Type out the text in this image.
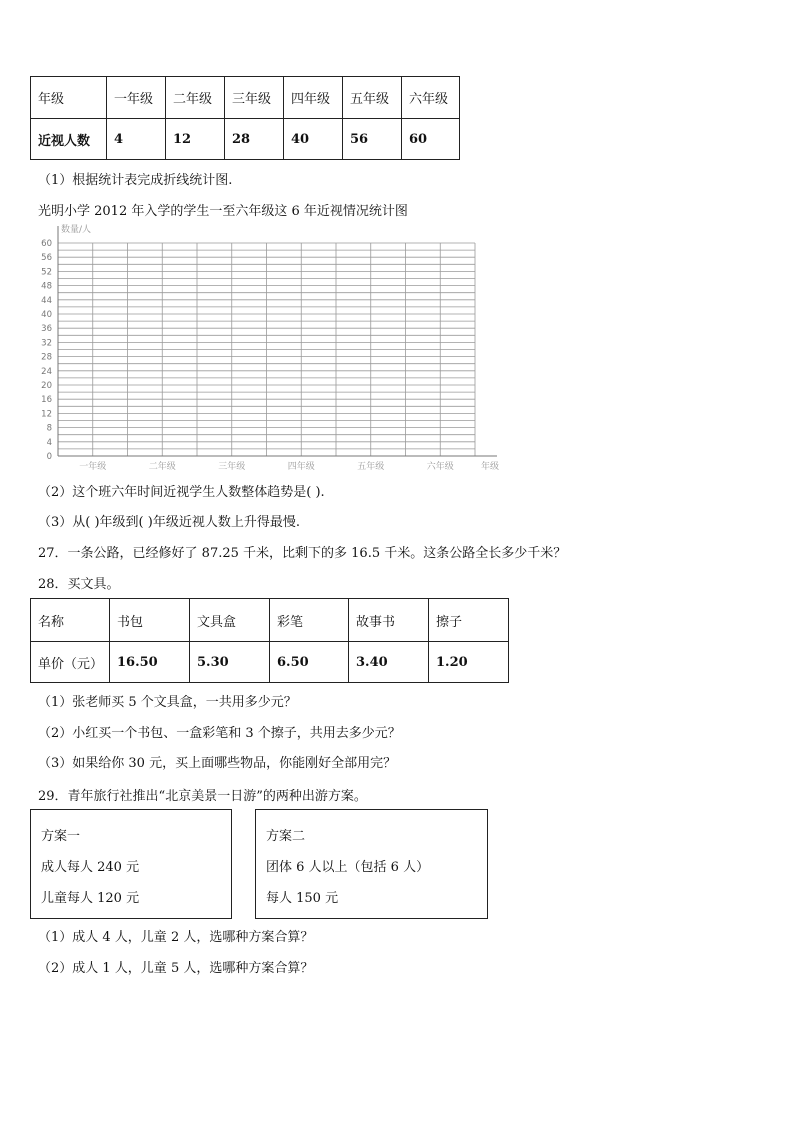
年级	一年级	二年级	三年级	四年级	五年级	六年级
近视人数	4	12	28	40	56	60
（1）根据统计表完成折线统计图.
光明小学 2012 年入学的学生一至六年级这 6 年近视情况统计图
数量/人
0
4
8
12
16
20
24
28
32
36
40
44
48
52
56
60
一年级	二年级	三年级	四年级	五年级	六年级	年级
（2）这个班六年时间近视学生人数整体趋势是( ).
（3）从( )年级到( )年级近视人数上升得最慢.
27．一条公路，已经修好了 87.25 千米，比剩下的多 16.5 千米。这条公路全长多少千米？
28．买文具。
名称	书包	文具盒	彩笔	故事书	擦子
单价（元）	16.50	5.30	6.50	3.40	1.20
（1）张老师买 5 个文具盒，一共用多少元？
（2）小红买一个书包、一盒彩笔和 3 个擦子，共用去多少元？
（3）如果给你 30 元，买上面哪些物品，你能刚好全部用完？
29．青年旅行社推出“北京美景一日游”的两种出游方案。
方案一
成人每人 240 元
儿童每人 120 元
方案二
团体 6 人以上（包括 6 人）
每人 150 元
（1）成人 4 人，儿童 2 人，选哪种方案合算？
（2）成人 1 人，儿童 5 人，选哪种方案合算？
